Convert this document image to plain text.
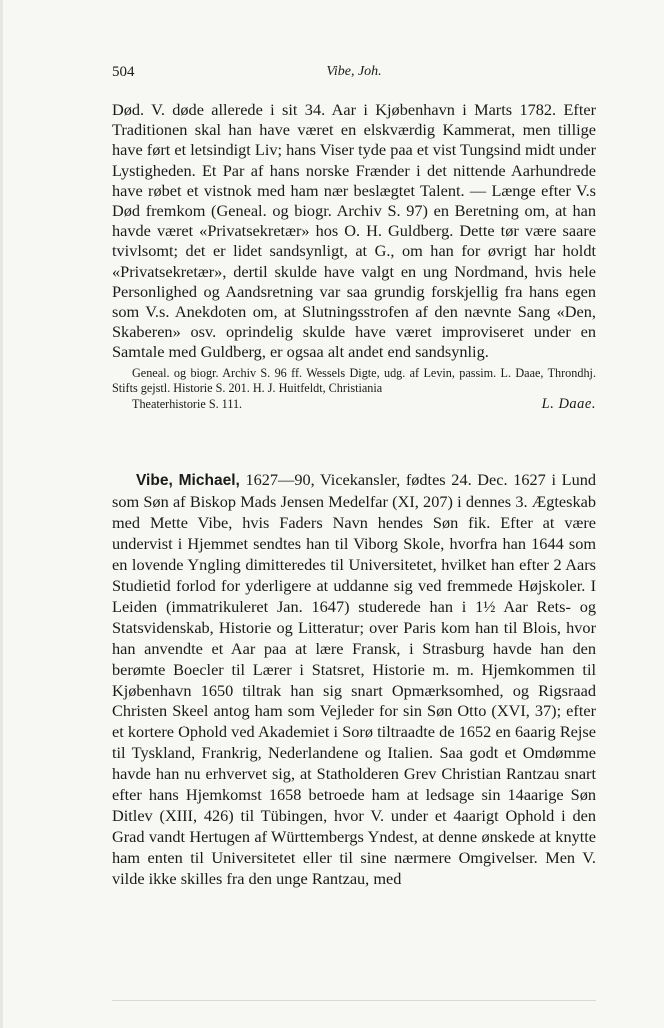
504	Vibe, Joh.

Død. V. døde allerede i sit 34. Aar i Kjøbenhavn i Marts 1782. Efter Traditionen skal han have været en elskværdig Kammerat, men tillige have ført et letsindigt Liv; hans Viser tyde paa et vist Tungsind midt under Lystigheden. Et Par af hans norske Frænder i det nittende Aarhundrede have røbet et vistnok med ham nær beslægtet Talent. — Længe efter V.s Død fremkom (Geneal. og biogr. Archiv S. 97) en Beretning om, at han havde været «Privatsekretær» hos O. H. Guldberg. Dette tør være saare tvivlsomt; det er lidet sandsynligt, at G., om han for øvrigt har holdt «Privatsekretær», dertil skulde have valgt en ung Nordmand, hvis hele Personlighed og Aandsretning var saa grundig forskjellig fra hans egen som V.s. Anekdoten om, at Slutningsstrofen af den nævnte Sang «Den, Skaberen» osv. oprindelig skulde have været improviseret under en Samtale med Guldberg, er ogsaa alt andet end sandsynlig.

Geneal. og biogr. Archiv S. 96 ff. Wessels Digte, udg. af Levin, passim. L. Daae, Throndhj. Stifts gejstl. Historie S. 201. H. J. Huitfeldt, Christiania
Theaterhistorie S. 111.	L. Daae.

Vibe, Michael, 1627—90, Vicekansler, fødtes 24. Dec. 1627 i Lund som Søn af Biskop Mads Jensen Medelfar (XI, 207) i dennes 3. Ægteskab med Mette Vibe, hvis Faders Navn hendes Søn fik. Efter at være undervist i Hjemmet sendtes han til Viborg Skole, hvorfra han 1644 som en lovende Yngling dimitteredes til Universitetet, hvilket han efter 2 Aars Studietid forlod for yderligere at uddanne sig ved fremmede Højskoler. I Leiden (immatrikuleret Jan. 1647) studerede han i 1½ Aar Rets- og Statsvidenskab, Historie og Litteratur; over Paris kom han til Blois, hvor han anvendte et Aar paa at lære Fransk, i Strasburg havde han den berømte Boecler til Lærer i Statsret, Historie m. m. Hjemkommen til Kjøbenhavn 1650 tiltrak han sig snart Opmærksomhed, og Rigsraad Christen Skeel antog ham som Vejleder for sin Søn Otto (XVI, 37); efter et kortere Ophold ved Akademiet i Sorø tiltraadte de 1652 en 6aarig Rejse til Tyskland, Frankrig, Nederlandene og Italien. Saa godt et Omdømme havde han nu erhvervet sig, at Statholderen Grev Christian Rantzau snart efter hans Hjemkomst 1658 betroede ham at ledsage sin 14aarige Søn Ditlev (XIII, 426) til Tübingen, hvor V. under et 4aarigt Ophold i den Grad vandt Hertugen af Württembergs Yndest, at denne ønskede at knytte ham enten til Universitetet eller til sine nærmere Omgivelser. Men V. vilde ikke skilles fra den unge Rantzau, med
